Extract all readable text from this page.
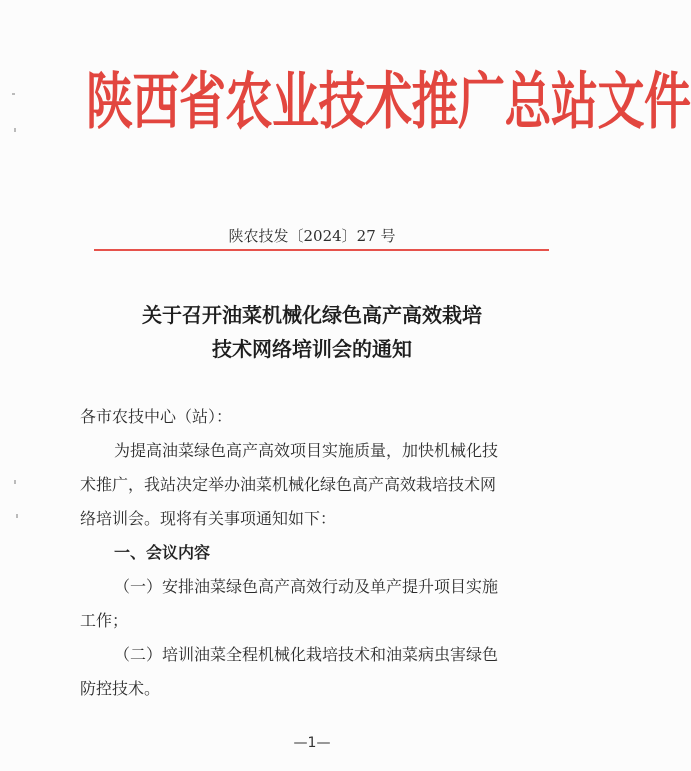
陕西省农业技术推广总站文件
陕农技发〔2024〕27 号
关于召开油菜机械化绿色高产高效栽培
技术网络培训会的通知
各市农技中心（站）：
为提高油菜绿色高产高效项目实施质量，加快机械化技
术推广，我站决定举办油菜机械化绿色高产高效栽培技术网
络培训会。现将有关事项通知如下：
一、会议内容
（一）安排油菜绿色高产高效行动及单产提升项目实施
工作；
（二）培训油菜全程机械化栽培技术和油菜病虫害绿色
防控技术。
—1—
